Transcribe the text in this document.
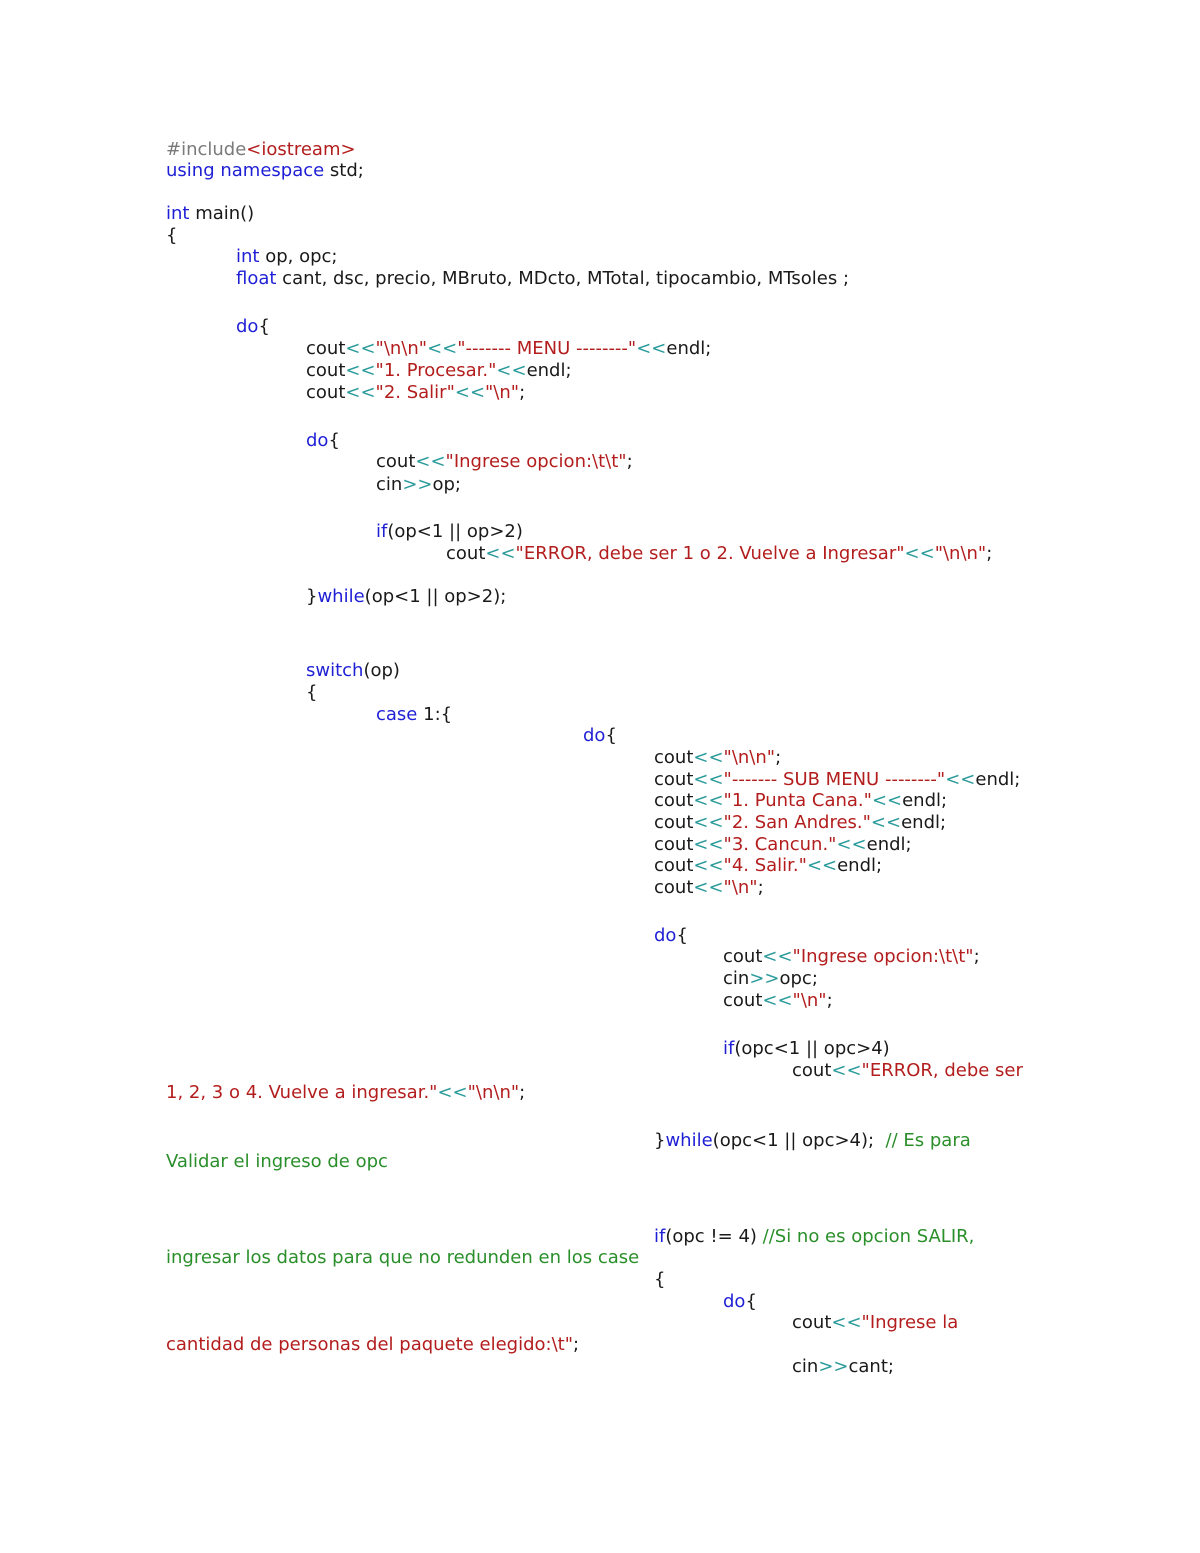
#include<iostream>
using namespace std;
int main()
{
int op, opc;
float cant, dsc, precio, MBruto, MDcto, MTotal, tipocambio, MTsoles ;
do{
cout<<"\n\n"<<"------- MENU --------"<<endl;
cout<<"1. Procesar."<<endl;
cout<<"2. Salir"<<"\n";
do{
cout<<"Ingrese opcion:\t\t";
cin>>op;
if(op<1 || op>2)
cout<<"ERROR, debe ser 1 o 2. Vuelve a Ingresar"<<"\n\n";
}while(op<1 || op>2);
switch(op)
{
case 1:{
do{
cout<<"\n\n";
cout<<"------- SUB MENU --------"<<endl;
cout<<"1. Punta Cana."<<endl;
cout<<"2. San Andres."<<endl;
cout<<"3. Cancun."<<endl;
cout<<"4. Salir."<<endl;
cout<<"\n";
do{
cout<<"Ingrese opcion:\t\t";
cin>>opc;
cout<<"\n";
if(opc<1 || opc>4)
cout<<"ERROR, debe ser
1, 2, 3 o 4. Vuelve a ingresar."<<"\n\n";
}while(opc<1 || opc>4);  // Es para
Validar el ingreso de opc
if(opc != 4) //Si no es opcion SALIR,
ingresar los datos para que no redunden en los case
{
do{
cout<<"Ingrese la
cantidad de personas del paquete elegido:\t";
cin>>cant;
